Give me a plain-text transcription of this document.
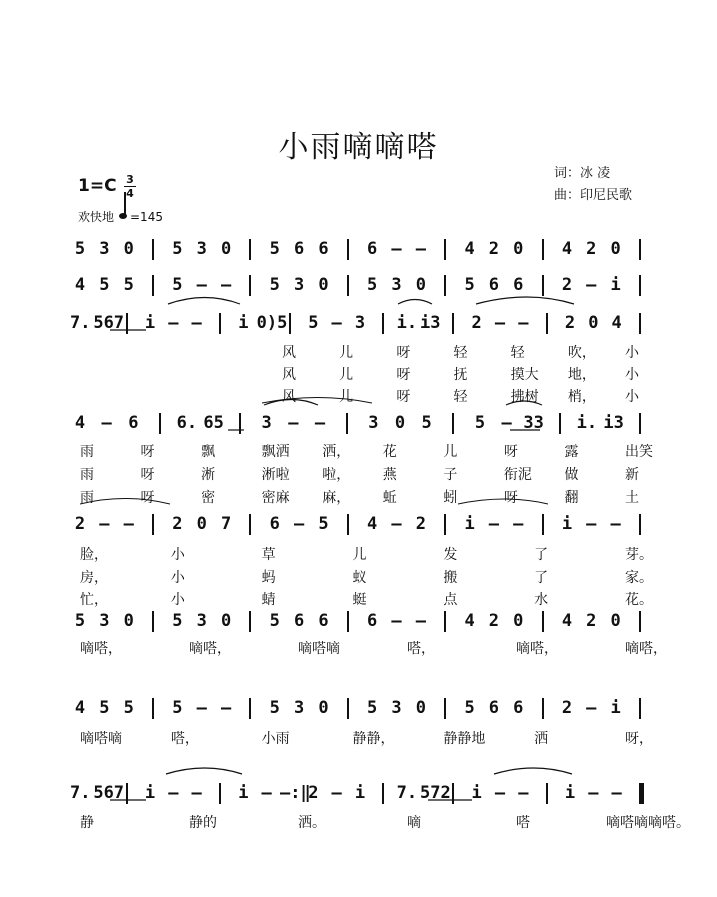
小雨嘀嘀嗒
词：冰 凌
曲：印尼民歌
1=C 3
4
欢快地 =145
5 3 0 5 3 0 5 6 6 6 – – 4 2 0 4 2 0
4 5 5 5 – – 5 3 0 5 3 0 5 6 6 2 – i
7. 567 i – – i 0)5 5 – 3 i. i3 2 – – 2 0 4
4 – 6 6. 65 3 – –	3 0 5	5 – 33 i. i3
2 – – 2 0 7 6 – 5 4 – 2 i – – i – –
5 3 0 5 3 0 5 6 6 6 – – 4 2 0 4 2 0
4 5 5 5 – – 5 3 0 5 3 0 5 6 6 2 – i
7. 567 i – – i – –:‖
2 – i 7. 572 i – – i – –
风	儿	呀	轻	轻	吹， 小
风	儿	呀	抚	摸大 地， 小
风	儿	呀	轻	拂树 梢， 小
雨	呀	飘	飘洒 洒， 花	儿	呀	露	出笑
雨	呀	淅	淅啦 啦， 燕	子	衔泥 做	新
雨	呀	密	密麻 麻， 蚯	蚓	呀	翻	土
脸，	小	草	儿	发	了	芽。
房，	小	蚂	蚁	搬	了	家。
忙，	小	蜻	蜓	点	水	花。
嘀嗒，	嘀嗒，	嘀嗒嘀	嗒，	嘀嗒，	嘀嗒，
嘀嗒嘀	嗒，	小雨	静静，	静静地	洒	呀，
静	静的	洒。	嘀	嗒	嘀嗒嘀嘀嗒。
